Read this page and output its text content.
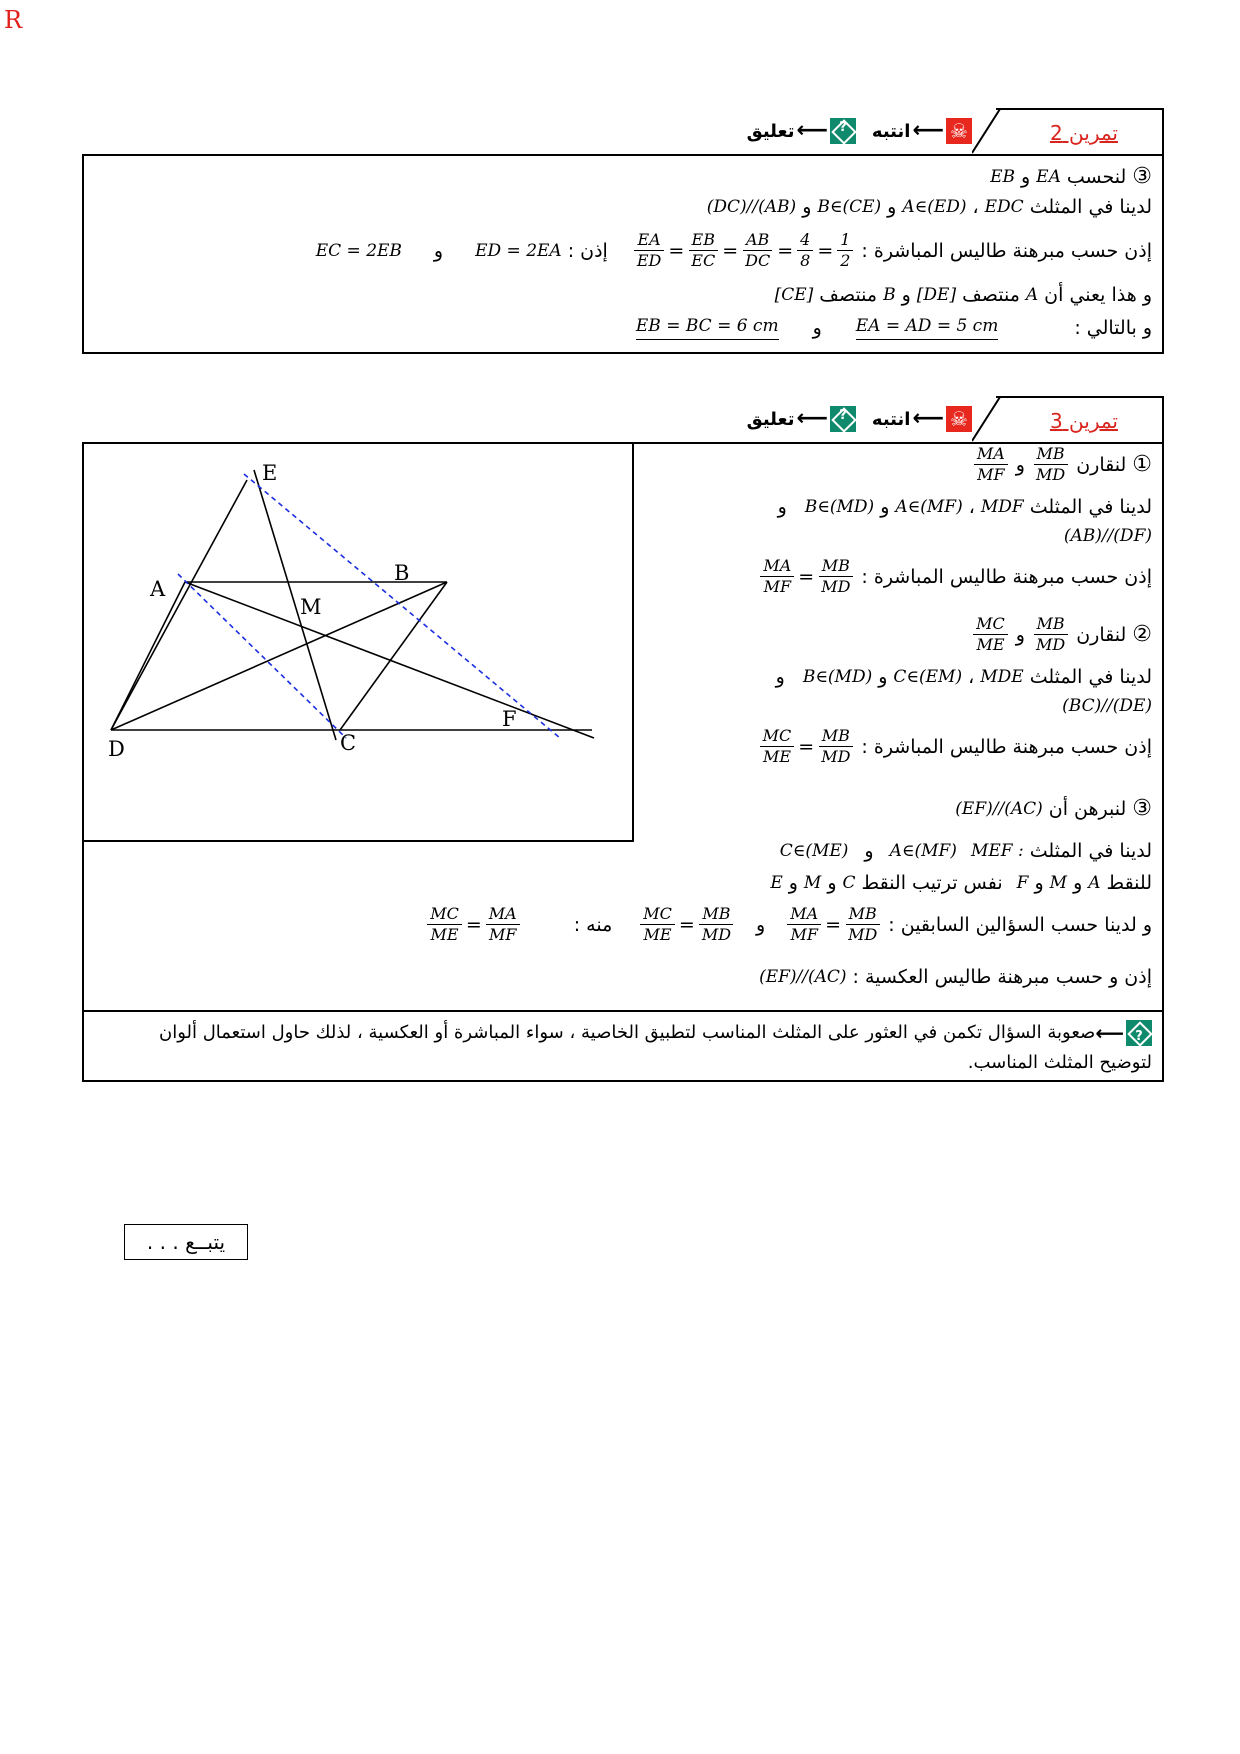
R
تمرين 2
☠
⟵
انتبه
?
⟵
تعليق
③
لنحسب
EA
و
EB
لدينا في المثلث
EDC
،
A∈(ED)
و
B∈(CE)
و
(DC)//(AB)
إذن حسب مبرهنة طاليس المباشرة :
$\frac{EA}{ED} = \frac{EB}{EC} = \frac{AB}{DC} = \frac{4}{8} = \frac{1}{2}$
إذن :
ED = 2EA
و
EC = 2EB
و هذا يعني أن
A
منتصف
[DE]
و
B
منتصف
[CE]
و بالتالي :
EA = AD = 5 cm
و
EB = BC = 6 cm
تمرين 3
☠
⟵
انتبه
?
⟵
تعليق
E
A
B
M
C
D
F
①
لنقارن
$\frac{MB}{MD}$
و
$\frac{MA}{MF}$
لدينا في المثلث
MDF
،
A∈(MF)
و
B∈(MD)
و
(AB)//(DF)
إذن حسب مبرهنة طاليس المباشرة :
$\frac{MA}{MF} = \frac{MB}{MD}$
②
لنقارن
$\frac{MB}{MD}$
و
$\frac{MC}{ME}$
لدينا في المثلث
MDE
،
C∈(EM)
و
B∈(MD)
و
(BC)//(DE)
إذن حسب مبرهنة طاليس المباشرة :
$\frac{MC}{ME} = \frac{MB}{MD}$
③
لنبرهن أن
(EF)//(AC)
لدينا في المثلث
MEF :
A∈(MF)
و
C∈(ME)
للنقط
A
و
M
و
F
نفس ترتيب النقط
C
و
M
و
E
و لدينا حسب السؤالين السابقين :
$\frac{MA}{MF} = \frac{MB}{MD}$
و
$\frac{MC}{ME} = \frac{MB}{MD}$
منه :
$\frac{MC}{ME} = \frac{MA}{MF}$
إذن و حسب مبرهنة طاليس العكسية :
(EF)//(AC)
?
⟵
صعوبة السؤال تكمن في العثور على المثلث المناسب لتطبيق الخاصية ، سواء المباشرة أو العكسية ، لذلك حاول استعمال ألوان لتوضيح المثلث المناسب.
يتبــع . . .
